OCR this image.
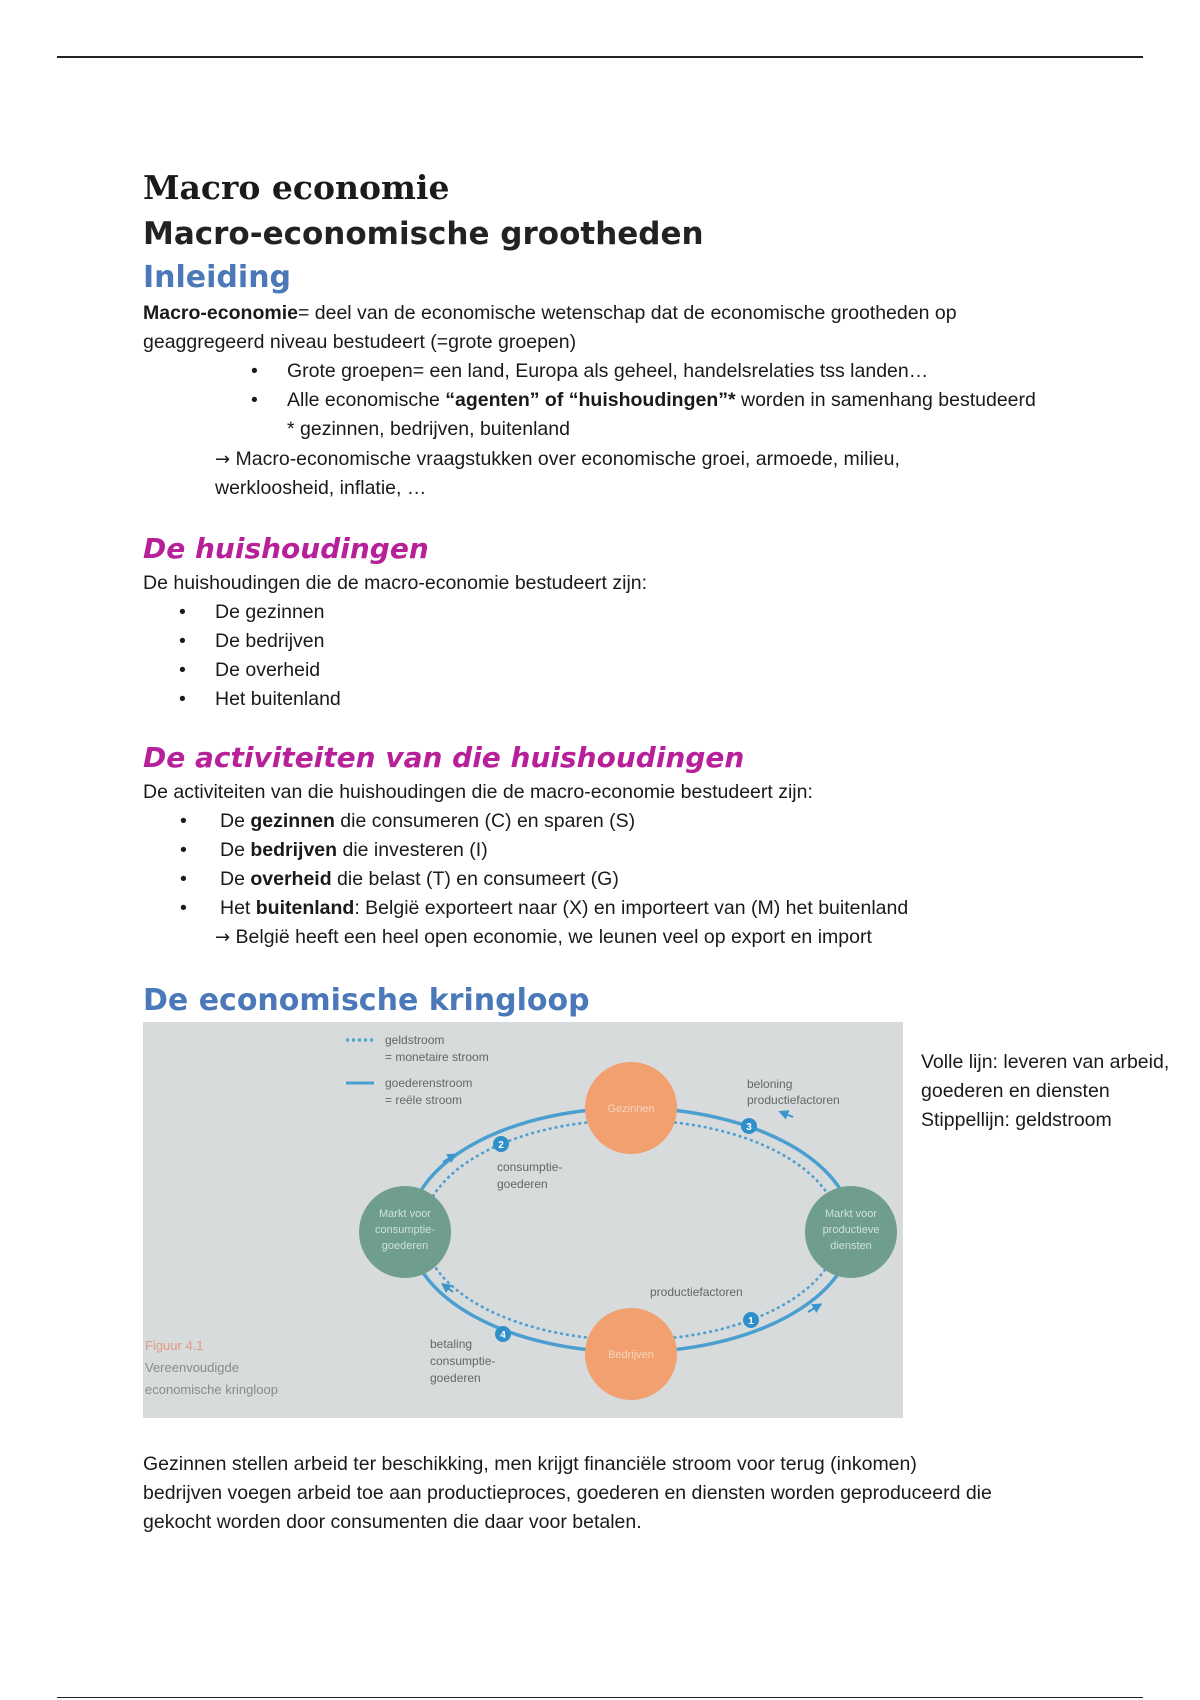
Macro economie
Macro-economische grootheden
Inleiding

Macro-economie= deel van de economische wetenschap dat de economische grootheden op
geaggregeerd niveau bestudeert (=grote groepen)

• Grote groepen= een land, Europa als geheel, handelsrelaties tss landen…
• Alle economische “agenten” of “huishoudingen”* worden in samenhang bestudeerd
* gezinnen, bedrijven, buitenland

→ Macro-economische vraagstukken over economische groei, armoede, milieu,
werkloosheid, inflatie, …

De huishoudingen

De huishoudingen die de macro-economie bestudeert zijn:

• De gezinnen
• De bedrijven
• De overheid
• Het buitenland
De activiteiten van die huishoudingen

De activiteiten van die huishoudingen die de macro-economie bestudeert zijn:

• De gezinnen die consumeren (C) en sparen (S)
• De bedrijven die investeren (I)
• De overheid die belast (T) en consumeert (G)
• Het buitenland: België exporteert naar (X) en importeert van (M) het buitenland

→ België heeft een heel open economie, we leunen veel op export en import

De economische kringloop
geldstroom
= monetaire stroom
goederenstroom
= reële stroom
Gezinnen
Bedrijven
Markt voor
consumptie-
goederen
Markt voor
productieve
diensten
1
2
3
4
consumptie-
goederen
beloning
productiefactoren
productiefactoren
betaling
consumptie-
goederen
Figuur 4.1
Vereenvoudigde
economische kringloop
Volle lijn: leveren van arbeid,
goederen en diensten
Stippellijn: geldstroom

Gezinnen stellen arbeid ter beschikking, men krijgt financiële stroom voor terug (inkomen)
bedrijven voegen arbeid toe aan productieproces, goederen en diensten worden geproduceerd die
gekocht worden door consumenten die daar voor betalen.
